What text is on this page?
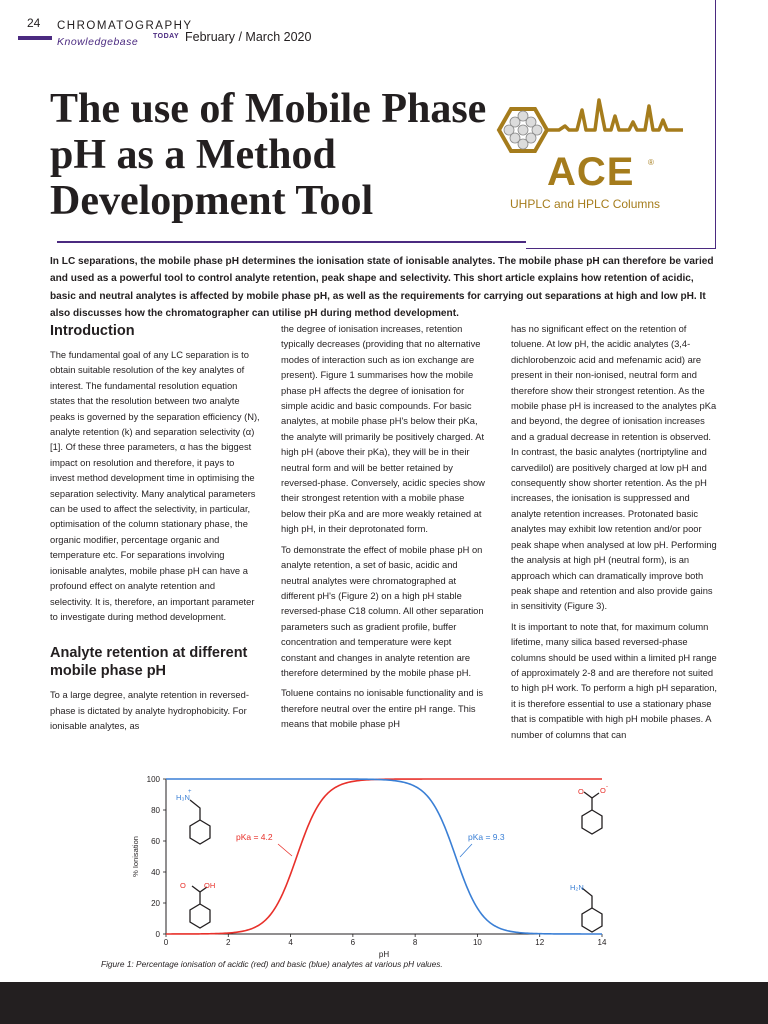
24 CHROMATOGRAPHY
TODAY
Knowledgebase	February / March 2020
The use of Mobile Phase pH as a Method Development Tool
ACE ®
UHPLC and HPLC Columns

In LC separations, the mobile phase pH determines the ionisation state of ionisable analytes. The mobile phase pH can therefore be varied and used as a powerful tool to control analyte retention, peak shape and selectivity. This short article explains how retention of acidic, basic and neutral analytes is affected by mobile phase pH, as well as the requirements for carrying out separations at high and low pH. It also discusses how the chromatographer can utilise pH during method development.

Introduction

The fundamental goal of any LC separation is to obtain suitable resolution of the key analytes of interest. The fundamental resolution equation states that the resolution between two analyte peaks is governed by the separation efficiency (N), analyte retention (k) and separation selectivity (α) [1]. Of these three parameters, α has the biggest impact on resolution and therefore, it pays to invest method development time in optimising the separation selectivity. Many analytical parameters can be used to affect the selectivity, in particular, optimisation of the column stationary phase, the organic modifier, percentage organic and temperature etc. For separations involving ionisable analytes, mobile phase pH can have a profound effect on analyte retention and selectivity. It is, therefore, an important parameter to investigate during method development.

Analyte retention at different mobile phase pH

To a large degree, analyte retention in reversed-phase is dictated by analyte hydrophobicity. For ionisable analytes, as

the degree of ionisation increases, retention typically decreases (providing that no alternative modes of interaction such as ion exchange are present). Figure 1 summarises how the mobile phase pH affects the degree of ionisation for simple acidic and basic compounds. For basic analytes, at mobile phase pH's below their pKa, the analyte will primarily be positively charged. At high pH (above their pKa), they will be in their neutral form and will be better retained by reversed-phase. Conversely, acidic species show their strongest retention with a mobile phase below their pKa and are more weakly retained at high pH, in their deprotonated form.

To demonstrate the effect of mobile phase pH on analyte retention, a set of basic, acidic and neutral analytes were chromatographed at different pH's (Figure 2) on a high pH stable reversed-phase C18 column. All other separation parameters such as gradient profile, buffer concentration and temperature were kept constant and changes in analyte retention are therefore determined by the mobile phase pH.

Toluene contains no ionisable functionality and is therefore neutral over the entire pH range. This means that mobile phase pH

has no significant effect on the retention of toluene. At low pH, the acidic analytes (3,4-dichlorobenzoic acid and mefenamic acid) are present in their non-ionised, neutral form and therefore show their strongest retention. As the mobile phase pH is increased to the analytes pKa and beyond, the degree of ionisation increases and a gradual decrease in retention is observed. In contrast, the basic analytes (nortriptyline and carvedilol) are positively charged at low pH and consequently show shorter retention. As the pH increases, the ionisation is suppressed and analyte retention increases. Protonated basic analytes may exhibit low retention and/or poor peak shape when analysed at low pH. Performing the analysis at high pH (neutral form), is an approach which can dramatically improve both peak shape and retention and also provide gains in sensitivity (Figure 3).

It is important to note that, for maximum column lifetime, many silica based reversed-phase columns should be used within a limited pH range of approximately 2-8 and are therefore not suited to high pH work. To perform a high pH separation, it is therefore essential to use a stationary phase that is compatible with high pH mobile phases. A number of columns that can

0	2	4	6	8	10	12	14
0
20
40
60
80
100
pH
% Ionisation
H₃N
+
O OH
O O -
H₂N
pKa = 4.2	pKa = 9.3
Figure 1: Percentage ionisation of acidic (red) and basic (blue) analytes at various pH values.
